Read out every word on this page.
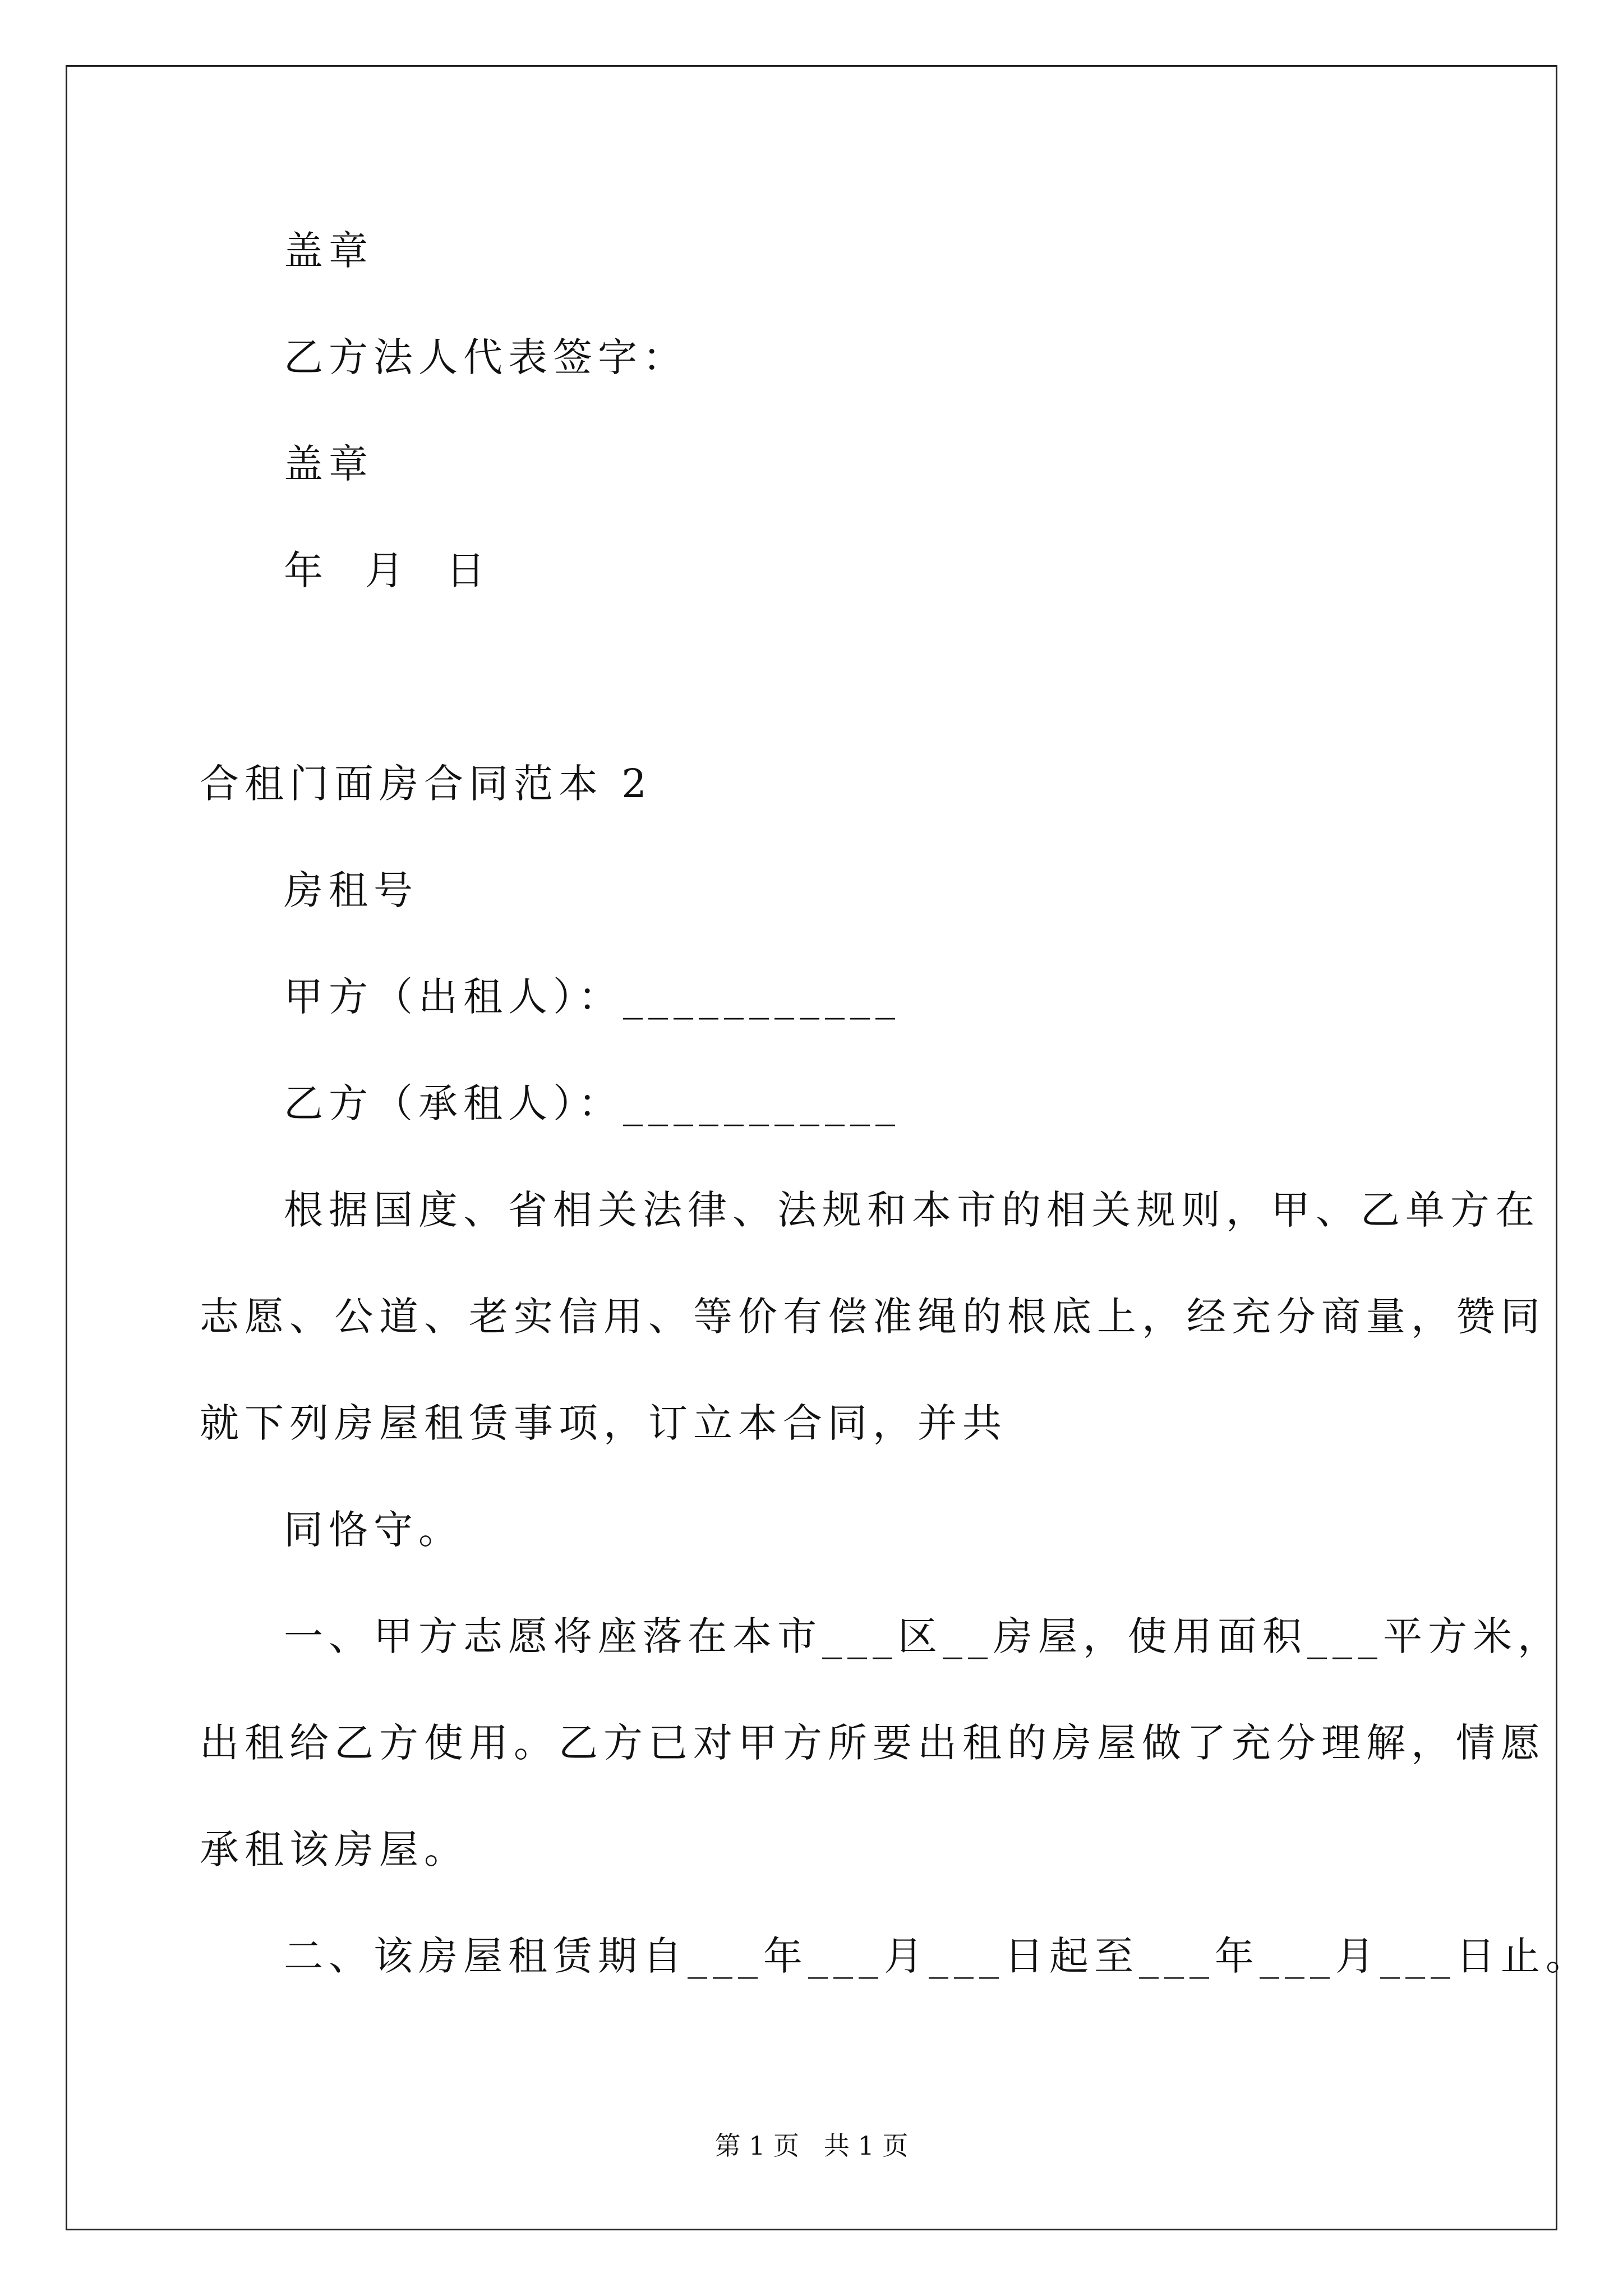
盖章
乙方法人代表签字：
盖章
年  月  日
合租门面房合同范本 2
房租号
甲方（出租人）：___________
乙方（承租人）：___________
根据国度、省相关法律、法规和本市的相关规则，甲、乙单方在
志愿、公道、老实信用、等价有偿准绳的根底上，经充分商量，赞同
就下列房屋租赁事项，订立本合同，并共
同恪守。
一、甲方志愿将座落在本市___区__房屋，使用面积___平方米，
出租给乙方使用。乙方已对甲方所要出租的房屋做了充分理解，情愿
承租该房屋。
二、该房屋租赁期自___年___月___日起至___年___月___日止。
第 1 页   共 1 页
